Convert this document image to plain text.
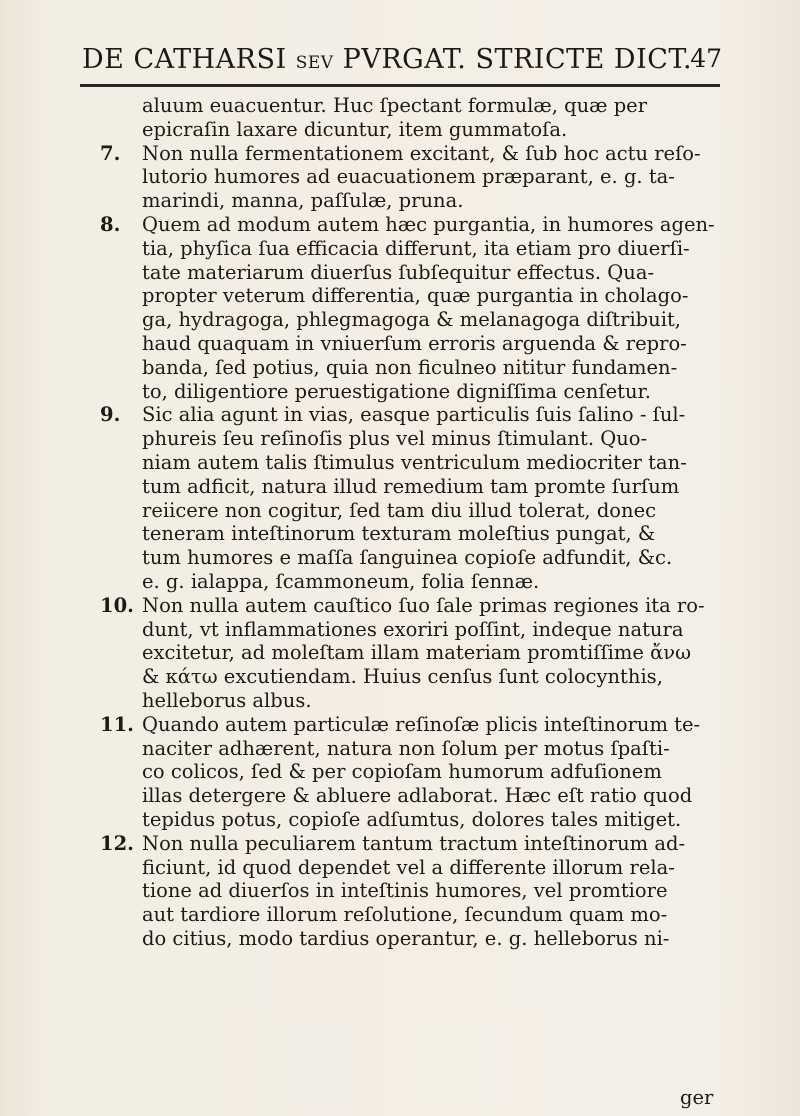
DE CATHARSI SEV PVRGAT. STRICTE DICT.
47
aluum euacuentur. Huc ſpectant formulæ, quæ per
epicraſin laxare dicuntur, item gummatoſa.
7. Non nulla fermentationem excitant, & ſub hoc actu reſo-
lutorio humores ad euacuationem præparant, e. g. ta-
marindi, manna, paſſulæ, pruna.
8. Quem ad modum autem hæc purgantia, in humores agen-
tia, phyſica ſua efficacia differunt, ita etiam pro diuerſi-
tate materiarum diuerſus ſubſequitur effectus. Qua-
propter veterum differentia, quæ purgantia in cholago-
ga, hydragoga, phlegmagoga & melanagoga diſtribuit,
haud quaquam in vniuerſum erroris arguenda & repro-
banda, ſed potius, quia non ficulneo nititur fundamen-
to, diligentiore peruestigatione digniſſima cenſetur.
9. Sic alia agunt in vias, easque particulis ſuis ſalino - ſul-
phureis ſeu reſinoſis plus vel minus ſtimulant. Quo-
niam autem talis ſtimulus ventriculum mediocriter tan-
tum adficit, natura illud remedium tam promte ſurſum
reiicere non cogitur, ſed tam diu illud tolerat, donec
teneram inteſtinorum texturam moleſtius pungat, &
tum humores e maſſa ſanguinea copioſe adfundit, &c.
e. g. ialappa, ſcammoneum, folia ſennæ.
10. Non nulla autem cauſtico ſuo ſale primas regiones ita ro-
dunt, vt inflammationes exoriri poſſint, indeque natura
excitetur, ad moleſtam illam materiam promtiſſime ἄνω
& κάτω excutiendam. Huius cenſus ſunt colocynthis,
helleborus albus.
11. Quando autem particulæ reſinoſæ plicis inteſtinorum te-
naciter adhærent, natura non ſolum per motus ſpaſti-
co colicos, ſed & per copioſam humorum adfuſionem
illas detergere & abluere adlaborat. Hæc eſt ratio quod
tepidus potus, copioſe adſumtus, dolores tales mitiget.
12. Non nulla peculiarem tantum tractum inteſtinorum ad-
ficiunt, id quod dependet vel a differente illorum rela-
tione ad diuerſos in inteſtinis humores, vel promtiore
aut tardiore illorum reſolutione, ſecundum quam mo-
do citius, modo tardius operantur, e. g. helleborus ni-
ger
